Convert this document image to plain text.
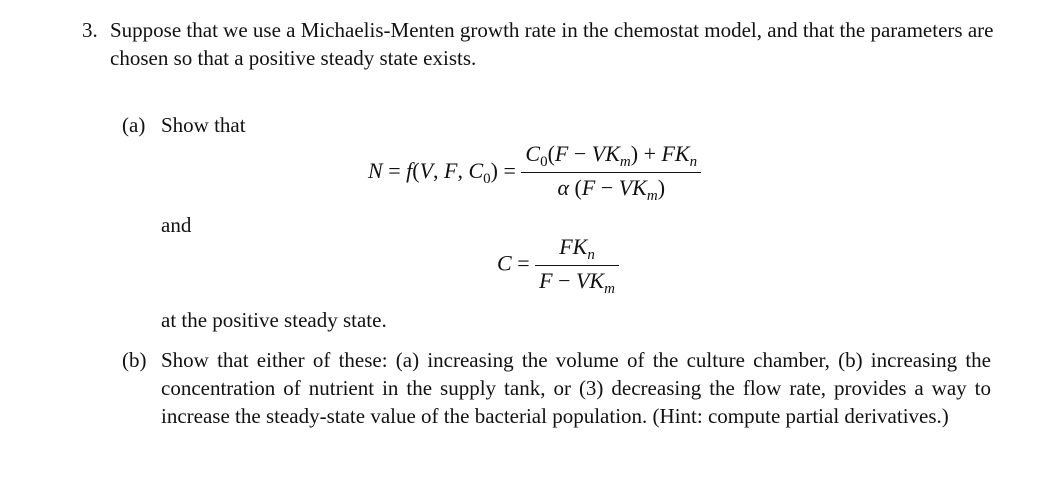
3. Suppose that we use a Michaelis-Menten growth rate in the chemostat model, and that the parameters are chosen so that a positive steady state exists.
(a) Show that
N = f(V, F, $C_0) = \frac{C_0(F - VK_m) + FK_n}{\alpha (F - VK_m)}$
and
$C = \frac{FK_n}{F - VK_m}$
at the positive steady state.
(b) Show that either of these: (a) increasing the volume of the culture chamber, (b) increasing the concentration of nutrient in the supply tank, or (3) decreasing the flow rate, provides a way to increase the steady-state value of the bacterial population. (Hint: compute partial derivatives.)
